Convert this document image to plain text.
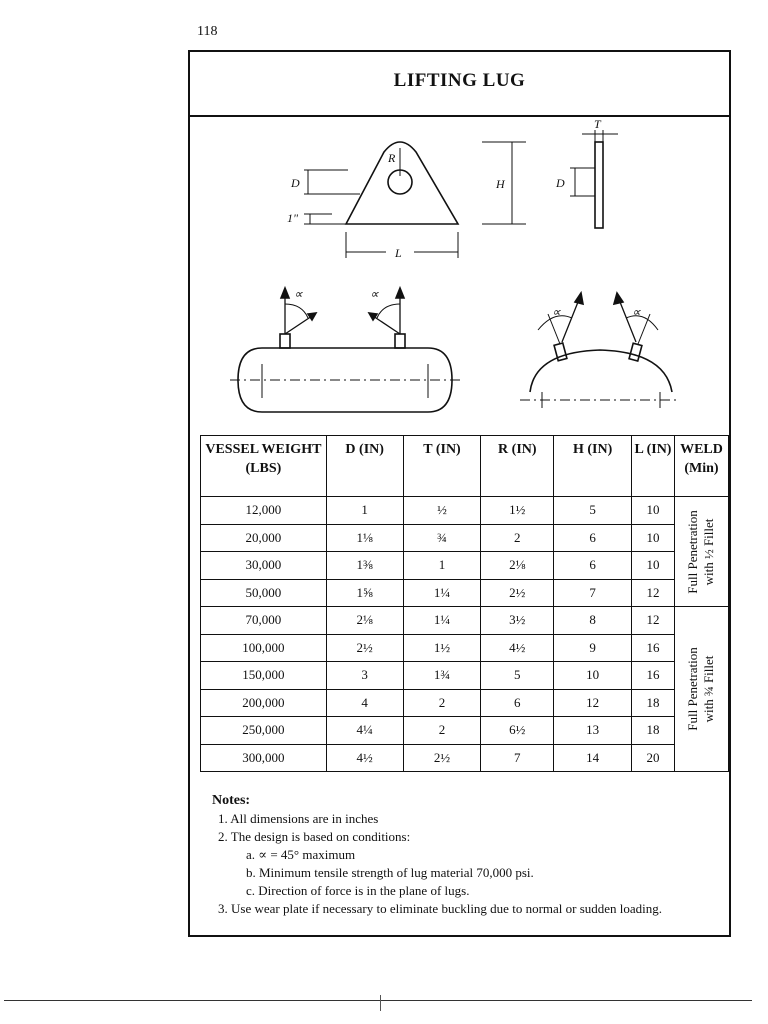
118
LIFTING LUG
R
D
1"
L
H	D
T
∝	∝
∝	∝
VESSEL WEIGHT (LBS)	D (IN)	T (IN)	R (IN)	H (IN)	L (IN)	WELD (Min)
12,000	1	½	1½	5	10	Full Penetration with ½ Fillet

20,000	1⅛	¾	2	6	10	
30,000	1⅜	1	2⅛	6	10	
50,000	1⅝	1¼	2½	7	12	
70,000	2⅛	1¼	3½	8	12	Full Penetration with ¾ Fillet

100,000	2½	1½	4½	9	16	
150,000	3	1¾	5	10	16	
200,000	4	2	6	12	18	
250,000	4¼	2	6½	13	18	
300,000	4½	2½	7	14	20	
Notes:
1. All dimensions are in inches
2. The design is based on conditions:
a. ∝ = 45° maximum
b. Minimum tensile strength of lug material 70,000 psi.
c. Direction of force is in the plane of lugs.
3. Use wear plate if necessary to eliminate buckling due to normal or sudden loading.
